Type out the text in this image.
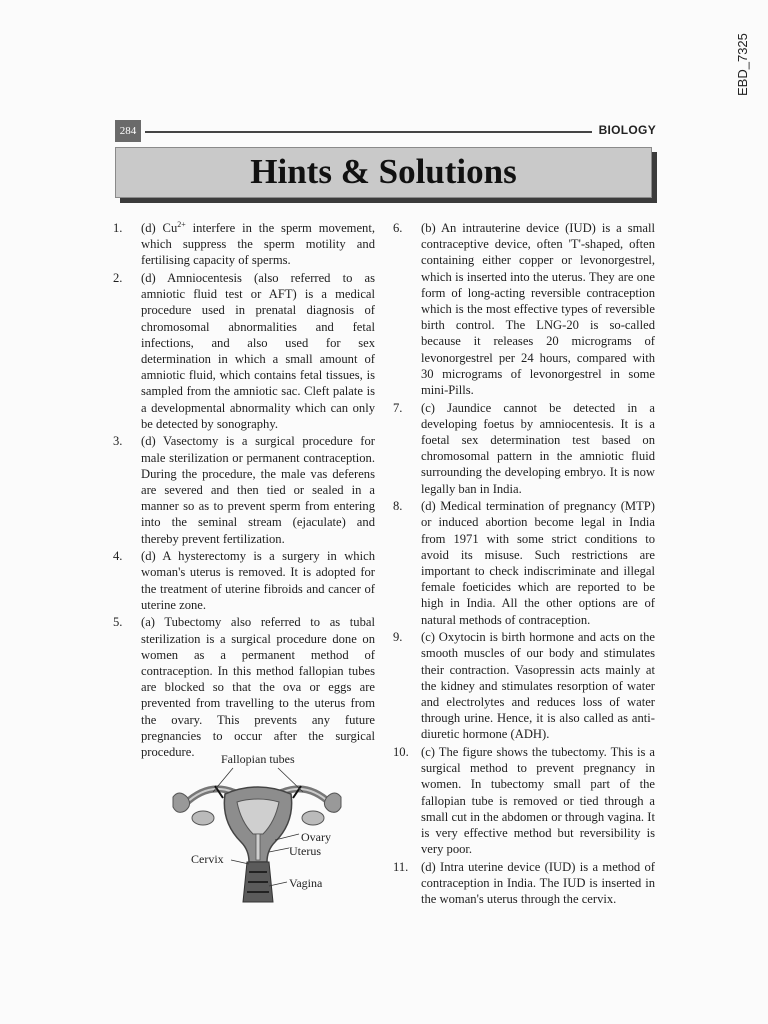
EBD_7325
284	BIOLOGY
Hints & Solutions
1. (d) $Cu^{2+}$ interfere in the sperm movement, which suppress the sperm motility and fertilising capacity of sperms.
2. (d) Amniocentesis (also referred to as amniotic fluid test or AFT) is a medical procedure used in prenatal diagnosis of chromosomal abnormalities and fetal infections, and also used for sex determination in which a small amount of amniotic fluid, which contains fetal tissues, is sampled from the amniotic sac. Cleft palate is a developmental abnormality which can only be detected by sonography.
3. (d) Vasectomy is a surgical procedure for male sterilization or permanent contraception. During the procedure, the male vas deferens are severed and then tied or sealed in a manner so as to prevent sperm from entering into the seminal stream (ejaculate) and thereby prevent fertilization.
4. (d) A hysterectomy is a surgery in which woman's uterus is removed. It is adopted for the treatment of uterine fibroids and cancer of uterine zone.
5. (a) Tubectomy also referred to as tubal sterilization is a surgical procedure done on women as a permanent method of contraception. In this method fallopian tubes are blocked so that the ova or eggs are prevented from travelling to the uterus from the ovary. This prevents any future pregnancies to occur after the surgical procedure.	Fallopian tubes
Ovary
Uterus
Cervix
Vagina
6. (b) An intrauterine device (IUD) is a small contraceptive device, often 'T'-shaped, often containing either copper or levonorgestrel, which is inserted into the uterus. They are one form of long-acting reversible contraception which is the most effective types of reversible birth control. The LNG-20 is so-called because it releases 20 micrograms of levonorgestrel per 24 hours, compared with 30 micrograms of levonorgestrel in some mini-Pills.
7. (c) Jaundice cannot be detected in a developing foetus by amniocentesis. It is a foetal sex determination test based on chromosomal pattern in the amniotic fluid surrounding the developing embryo. It is now legally ban in India.
8. (d) Medical termination of pregnancy (MTP) or induced abortion become legal in India from 1971 with some strict conditions to avoid its misuse. Such restrictions are important to check indiscriminate and illegal female foeticides which are reported to be high in India. All the other options are of natural methods of contraception.
9. (c) Oxytocin is birth hormone and acts on the smooth muscles of our body and stimulates their contraction. Vasopressin acts mainly at the kidney and stimulates resorption of water and electrolytes and reduces loss of water through urine. Hence, it is also called as anti-diuretic hormone (ADH).
10. (c) The figure shows the tubectomy. This is a surgical method to prevent pregnancy in women. In tubectomy small part of the fallopian tube is removed or tied through a small cut in the abdomen or through vagina. It is very effective method but reversibility is very poor.
11. (d) Intra uterine device (IUD) is a method of contraception in India. The IUD is inserted in the woman's uterus through the cervix.
